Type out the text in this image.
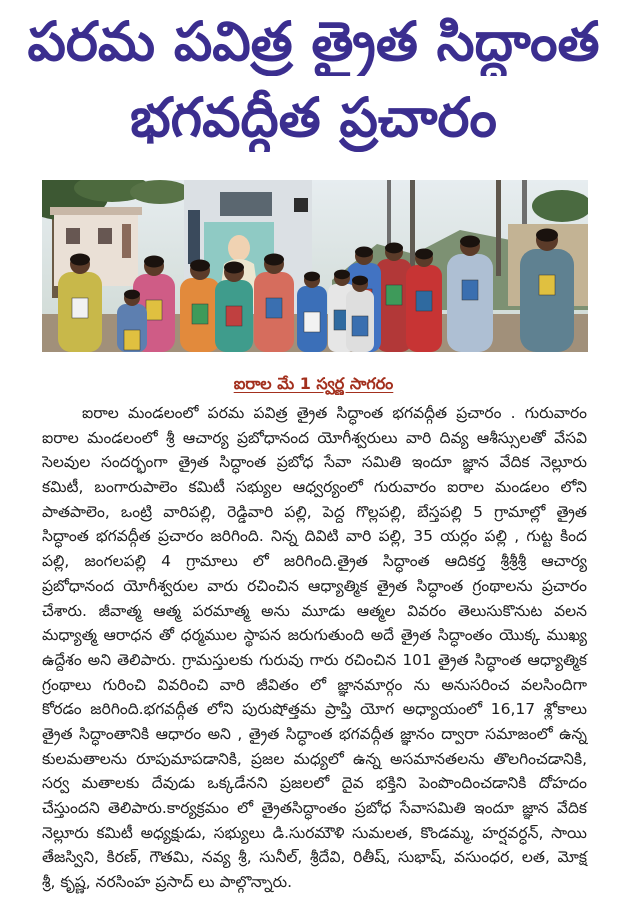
పరమ పవిత్ర త్రైత సిద్ధాంత
భగవద్గీత ప్రచారం
ఐరాల మే 1 స్వర్ణ సాగరం
ఐరాల మండలంలో పరమ పవిత్ర త్రైత సిద్ధాంత భగవద్గీత ప్రచారం . గురువారం
ఐరాల మండలంలో శ్రీ ఆచార్య ప్రబోధానంద యోగీశ్వరులు వారి దివ్య ఆశీస్సులతో వేసవి
సెలవుల సందర్భంగా త్రైత సిద్ధాంత ప్రబోధ సేవా సమితి ఇందూ జ్ఞాన వేదిక నెల్లూరు
కమిటీ, బంగారుపాలెం కమిటీ సభ్యుల ఆధ్వర్యంలో గురువారం ఐరాల మండలం లోని
పాతపాలెం, ఒంట్రి వారిపల్లి, రెడ్డివారి పల్లి, పెద్ద గొల్లపల్లి, బేస్తపల్లి 5 గ్రామాల్లో త్రైత
సిద్ధాంత భగవద్గీత ప్రచారం జరిగింది. నిన్న దివిటి వారి పల్లి, 35 యర్లం పల్లి , గుట్ట కింద
పల్లి, జంగలపల్లి 4 గ్రామాలు లో జరిగింది.త్రైత సిద్ధాంత ఆదికర్త శ్రీశ్రీశ్రీ ఆచార్య
ప్రబోధానంద యోగీశ్వరుల వారు రచించిన ఆధ్యాత్మిక త్రైత సిద్ధాంత గ్రంథాలను ప్రచారం
చేశారు. జీవాత్మ ఆత్మ పరమాత్మ అను మూడు ఆత్మల వివరం తెలుసుకొనుట వలన
మధ్యాత్మ ఆరాధన తో ధర్మముల స్థాపన జరుగుతుంది అదే త్రైత సిద్ధాంతం యొక్క ముఖ్య
ఉద్దేశం అని తెలిపారు. గ్రామస్తులకు గురువు గారు రచించిన 101 త్రైత సిద్ధాంత ఆధ్యాత్మిక
గ్రంథాలు గురించి వివరించి వారి జీవితం లో జ్ఞానమార్గం ను అనుసరించ వలసిందిగా
కోరడం జరిగింది.భగవద్గీత లోని పురుషోత్తమ ప్రాప్తి యోగ అధ్యాయంలో 16,17 శ్లోకాలు
త్రైత సిద్ధాంతానికి ఆధారం అని , త్రైత సిద్ధాంత భగవద్గీత జ్ఞానం ద్వారా సమాజంలో ఉన్న
కులమతాలను రూపుమాపడానికి, ప్రజల మధ్యలో ఉన్న అసమానతలను తొలగించడానికి,
సర్వ మతాలకు దేవుడు ఒక్కడేనని ప్రజలలో దైవ భక్తిని పెంపొందించడానికి దోహదం
చేస్తుందని తెలిపారు.కార్యక్రమం లో త్రైతసిద్ధాంతం ప్రబోధ సేవాసమితి ఇందూ జ్ఞాన వేదిక
నెల్లూరు కమిటీ అధ్యక్షుడు, సభ్యులు డి.సురమౌళి సుమలత, కొండమ్మ, హర్షవర్ధన్, సాయి
తేజస్విని, కిరణ్, గౌతమి, నవ్య శ్రీ, సునీల్, శ్రీదేవి, రితీష్, సుభాష్, వసుంధర, లత, మోక్ష
శ్రీ, కృష్ణ, నరసింహ ప్రసాద్ లు పాల్గొన్నారు.
